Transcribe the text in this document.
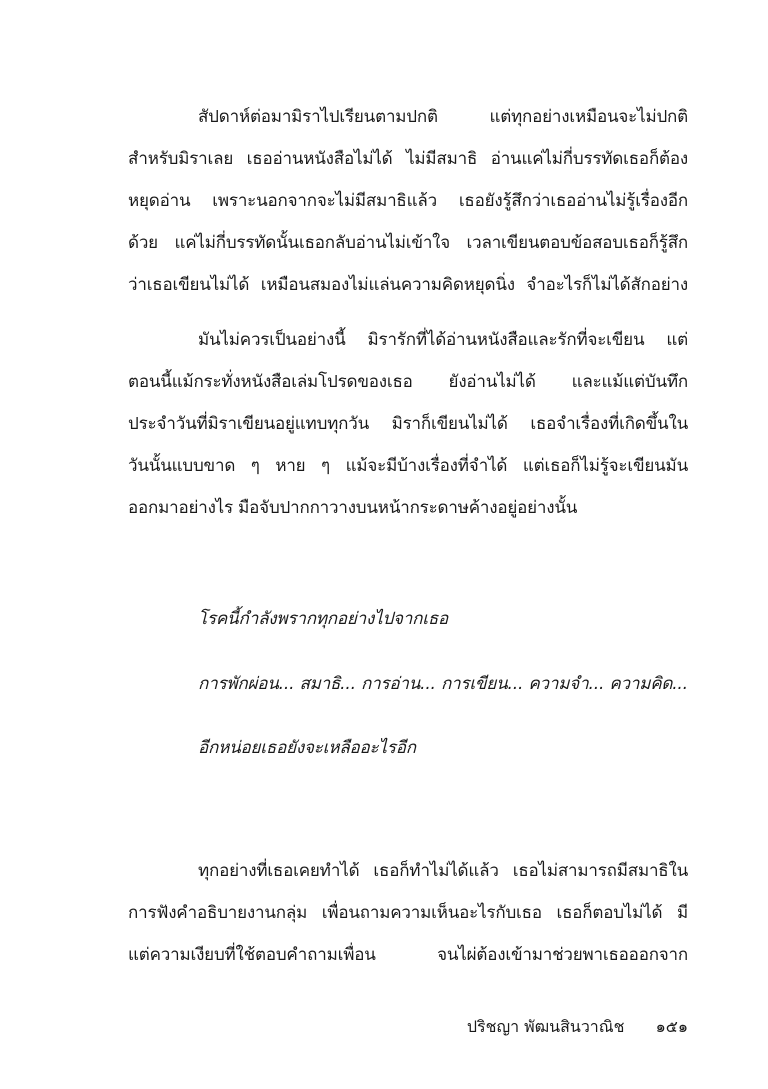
สัปดาห์ต่อมามิราไปเรียนตามปกติ แต่ทุกอย่างเหมือนจะไม่ปกติ
สำหรับมิราเลย เธออ่านหนังสือไม่ได้ ไม่มีสมาธิ อ่านแค่ไม่กี่บรรทัดเธอก็ต้อง
หยุดอ่าน เพราะนอกจากจะไม่มีสมาธิแล้ว เธอยังรู้สึกว่าเธออ่านไม่รู้เรื่องอีก
ด้วย แค่ไม่กี่บรรทัดนั้นเธอกลับอ่านไม่เข้าใจ เวลาเขียนตอบข้อสอบเธอก็รู้สึก
ว่าเธอเขียนไม่ได้ เหมือนสมองไม่แล่นความคิดหยุดนิ่ง จำอะไรก็ไม่ได้สักอย่าง
มันไม่ควรเป็นอย่างนี้ มิรารักที่ได้อ่านหนังสือและรักที่จะเขียน แต่
ตอนนี้แม้กระทั่งหนังสือเล่มโปรดของเธอ ยังอ่านไม่ได้ และแม้แต่บันทึก
ประจำวันที่มิราเขียนอยู่แทบทุกวัน มิราก็เขียนไม่ได้ เธอจำเรื่องที่เกิดขึ้นใน
วันนั้นแบบขาด ๆ หาย ๆ แม้จะมีบ้างเรื่องที่จำได้ แต่เธอก็ไม่รู้จะเขียนมัน
ออกมาอย่างไร มือจับปากกาวางบนหน้ากระดาษค้างอยู่อย่างนั้น
โรคนี้กำลังพรากทุกอย่างไปจากเธอ
การพักผ่อน... สมาธิ... การอ่าน... การเขียน... ความจำ... ความคิด...
อีกหน่อยเธอยังจะเหลืออะไรอีก
ทุกอย่างที่เธอเคยทำได้ เธอก็ทำไม่ได้แล้ว เธอไม่สามารถมีสมาธิใน
การฟังคำอธิบายงานกลุ่ม เพื่อนถามความเห็นอะไรกับเธอ เธอก็ตอบไม่ได้ มี
แต่ความเงียบที่ใช้ตอบคำถามเพื่อน จนไผ่ต้องเข้ามาช่วยพาเธอออกจาก
ปริชญา พัฒนสินวาณิช ๑๕๑
